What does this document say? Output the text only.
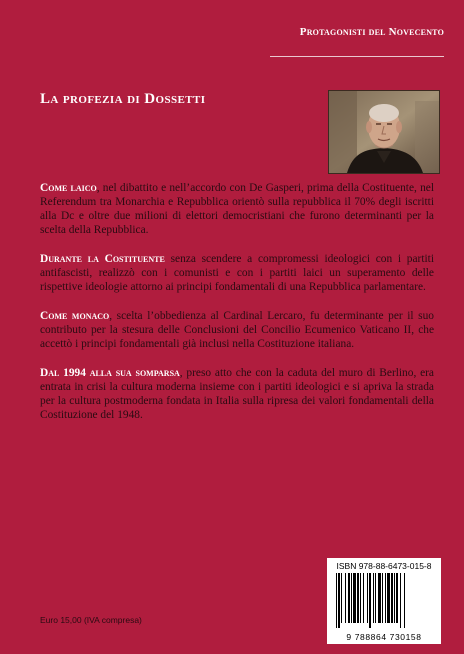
Protagonisti del Novecento
La profezia di Dossetti

Come laico, nel dibattito e nell’accordo con De Gasperi, prima della Costituente, nel Referendum tra Monarchia e Repubblica orientò sulla repubblica il 70% degli iscritti alla Dc e oltre due milioni di elettori democristiani che furono determinanti per la scelta della Repubblica.

Durante la Costituente senza scendere a compromessi ideologici con i partiti antifascisti, realizzò con i comunisti e con i partiti laici un superamento delle rispettive ideologie attorno ai principi fondamentali di una Repubblica parlamentare.

Come monaco, scelta l’obbedienza al Cardinal Lercaro, fu determinante per il suo contributo per la stesura delle Conclusioni del Concilio Ecumenico Vaticano II, che accettò i principi fondamentali già inclusi nella Costituzione italiana.

Dal 1994 alla sua somparsa, preso atto che con la caduta del muro di Berlino, era entrata in crisi la cultura moderna insieme con i partiti ideologici e si apriva la strada per la cultura postmoderna fondata in Italia sulla ripresa dei valori fondamentali della Costituzione del 1948.

Euro 15,00 (IVA compresa)
ISBN 978-88-6473-015-8
9 788864 730158
